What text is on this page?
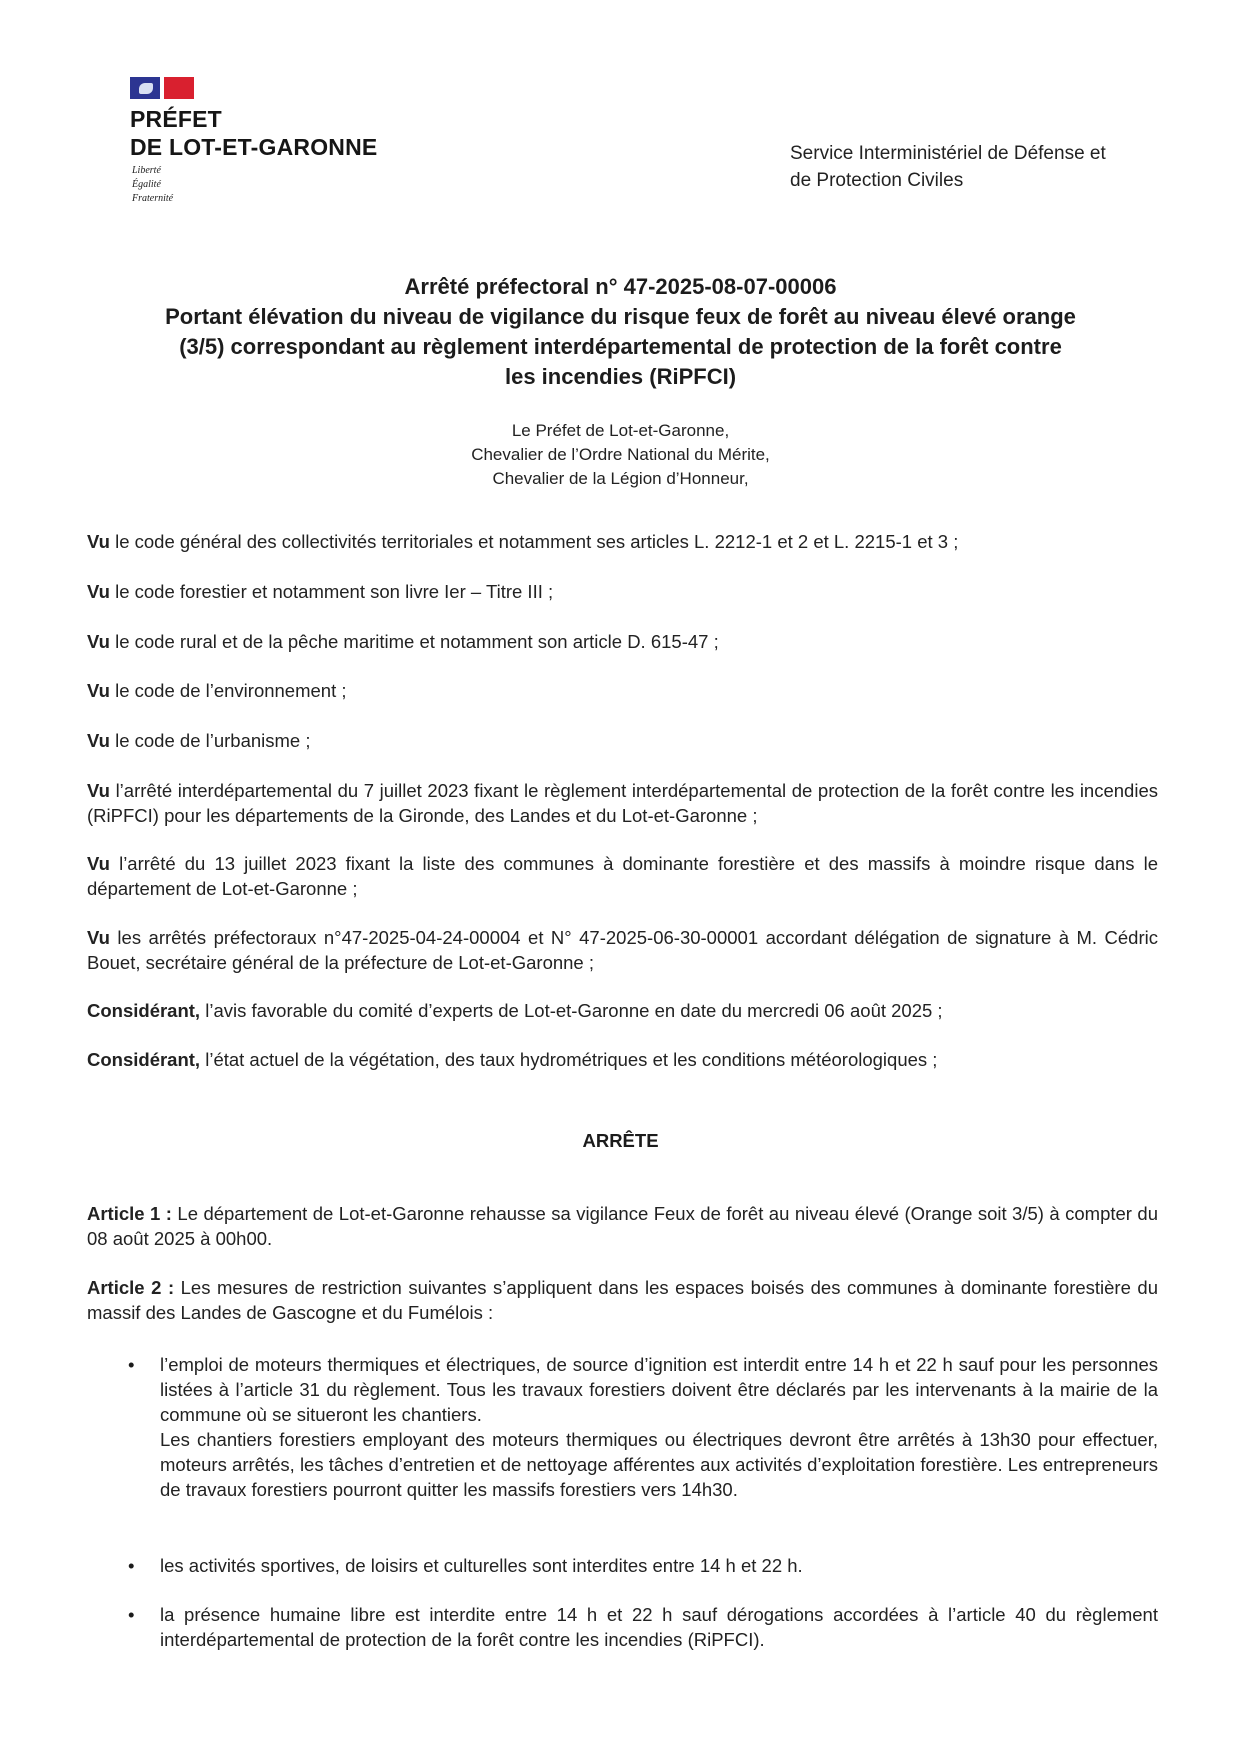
PRÉFET
DE LOT-ET-GARONNE
Liberté
Égalité
Fraternité
Service Interministériel de Défense et
de Protection Civiles
Arrêté préfectoral n° 47-2025-08-07-00006
Portant élévation du niveau de vigilance du risque feux de forêt au niveau élevé orange
(3/5) correspondant au règlement interdépartemental de protection de la forêt contre
les incendies (RiPFCI)
Le Préfet de Lot-et-Garonne,
Chevalier de l’Ordre National du Mérite,
Chevalier de la Légion d’Honneur,

Vu le code général des collectivités territoriales et notamment ses articles L. 2212-1 et 2 et L. 2215-1 et 3 ;

Vu le code forestier et notamment son livre Ier – Titre III ;

Vu le code rural et de la pêche maritime et notamment son article D. 615-47 ;

Vu le code de l’environnement ;

Vu le code de l’urbanisme ;

Vu l’arrêté interdépartemental du 7 juillet 2023 fixant le règlement interdépartemental de protection de la forêt contre les incendies (RiPFCI) pour les départements de la Gironde, des Landes et du Lot-et-Garonne ;

Vu l’arrêté du 13 juillet 2023 fixant la liste des communes à dominante forestière et des massifs à moindre risque dans le département de Lot-et-Garonne ;

Vu les arrêtés préfectoraux n°47-2025-04-24-00004 et N° 47-2025-06-30-00001 accordant délégation de signature à M. Cédric Bouet, secrétaire général de la préfecture de Lot-et-Garonne ;

Considérant, l’avis favorable du comité d’experts de Lot-et-Garonne en date du mercredi 06 août 2025 ;

Considérant, l’état actuel de la végétation, des taux hydrométriques et les conditions météorologiques ;

ARRÊTE

Article 1 : Le département de Lot-et-Garonne rehausse sa vigilance Feux de forêt au niveau élevé (Orange soit 3/5) à compter du 08 août 2025 à 00h00.

Article 2 : Les mesures de restriction suivantes s’appliquent dans les espaces boisés des communes à dominante forestière du massif des Landes de Gascogne et du Fumélois :

• l’emploi de moteurs thermiques et électriques, de source d’ignition est interdit entre 14 h et 22 h sauf pour les personnes listées à l’article 31 du règlement. Tous les travaux forestiers doivent être déclarés par les intervenants à la mairie de la commune où se situeront les chantiers.
Les chantiers forestiers employant des moteurs thermiques ou électriques devront être arrêtés à 13h30 pour effectuer, moteurs arrêtés, les tâches d’entretien et de nettoyage afférentes aux activités d’exploitation forestière. Les entrepreneurs de travaux forestiers pourront quitter les massifs forestiers vers 14h30.
• les activités sportives, de loisirs et culturelles sont interdites entre 14 h et 22 h.
• la présence humaine libre est interdite entre 14 h et 22 h sauf dérogations accordées à l’article 40 du règlement interdépartemental de protection de la forêt contre les incendies (RiPFCI).
